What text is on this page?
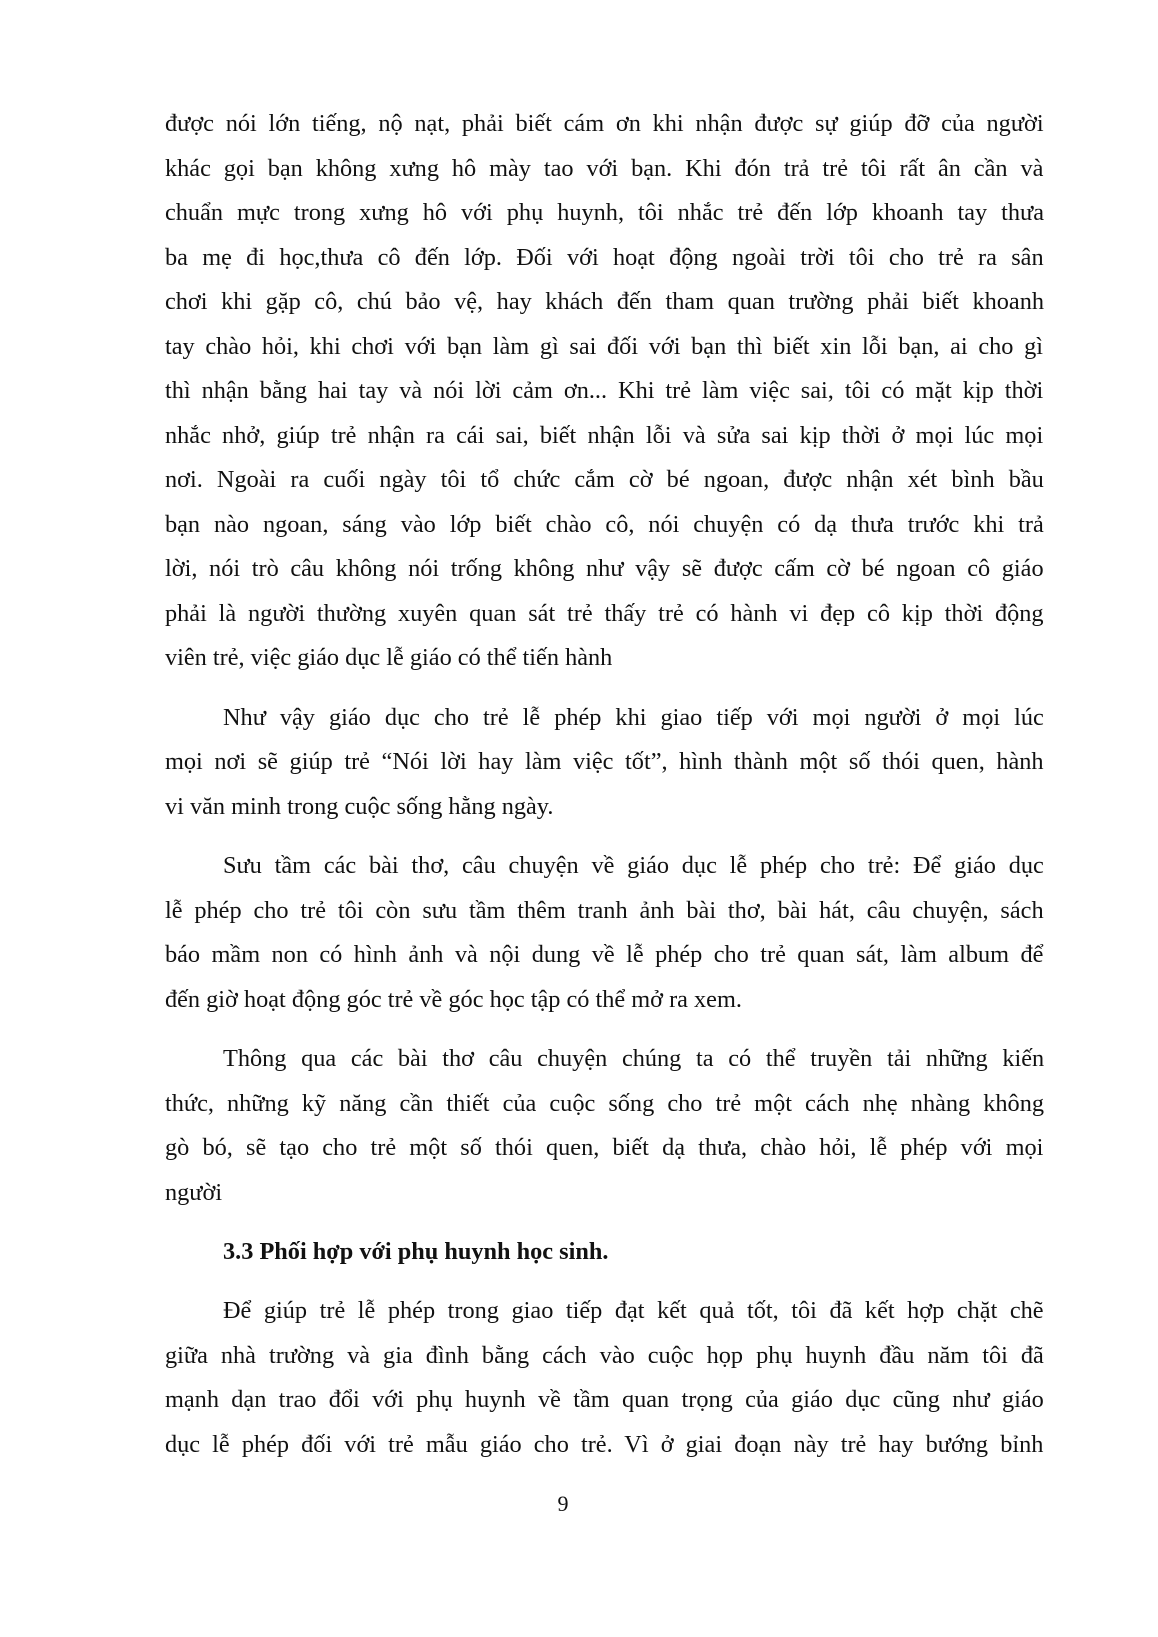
được nói lớn tiếng, nộ nạt, phải biết cám ơn khi nhận được sự giúp đỡ của người
khác gọi bạn không xưng hô mày tao với bạn. Khi đón trả trẻ tôi rất ân cần và
chuẩn mực trong xưng hô với phụ huynh, tôi nhắc trẻ đến lớp khoanh tay thưa
ba mẹ đi học,thưa cô đến lớp. Đối với hoạt động ngoài trời tôi cho trẻ ra sân
chơi khi gặp cô, chú bảo vệ, hay khách đến tham quan trường phải biết khoanh
tay chào hỏi, khi chơi với bạn làm gì sai đối với bạn thì biết xin lỗi bạn, ai cho gì
thì nhận bằng hai tay và nói lời cảm ơn... Khi trẻ làm việc sai, tôi có mặt kịp thời
nhắc nhở, giúp trẻ nhận ra cái sai, biết nhận lỗi và sửa sai kịp thời ở mọi lúc mọi
nơi. Ngoài ra cuối ngày tôi tổ chức cắm cờ bé ngoan, được nhận xét bình bầu
bạn nào ngoan, sáng vào lớp biết chào cô, nói chuyện có dạ thưa trước khi trả
lời, nói trò câu không nói trống không như vậy sẽ được cấm cờ bé ngoan cô giáo
phải là người thường xuyên quan sát trẻ thấy trẻ có hành vi đẹp cô kịp thời động
viên trẻ, việc giáo dục lễ giáo có thể tiến hành
Như vậy giáo dục cho trẻ lễ phép khi giao tiếp với mọi người ở mọi lúc
mọi nơi sẽ giúp trẻ “Nói lời hay làm việc tốt”, hình thành một số thói quen, hành
vi văn minh trong cuộc sống hằng ngày.
Sưu tầm các bài thơ, câu chuyện về giáo dục lễ phép cho trẻ: Để giáo dục
lễ phép cho trẻ tôi còn sưu tầm thêm tranh ảnh bài thơ, bài hát, câu chuyện, sách
báo mầm non có hình ảnh và nội dung về lễ phép cho trẻ quan sát, làm album để
đến giờ hoạt động góc trẻ về góc học tập có thể mở ra xem.
Thông qua các bài thơ câu chuyện chúng ta có thể truyền tải những kiến
thức, những kỹ năng cần thiết của cuộc sống cho trẻ một cách nhẹ nhàng không
gò bó, sẽ tạo cho trẻ một số thói quen, biết dạ thưa, chào hỏi, lễ phép với mọi
người
3.3 Phối hợp với phụ huynh học sinh.
Để giúp trẻ lễ phép trong giao tiếp đạt kết quả tốt, tôi đã kết hợp chặt chẽ
giữa nhà trường và gia đình bằng cách vào cuộc họp phụ huynh đầu năm tôi đã
mạnh dạn trao đổi với phụ huynh về tầm quan trọng của giáo dục cũng như giáo
dục lễ phép đối với trẻ mẫu giáo cho trẻ. Vì ở giai đoạn này trẻ hay bướng bỉnh
9
